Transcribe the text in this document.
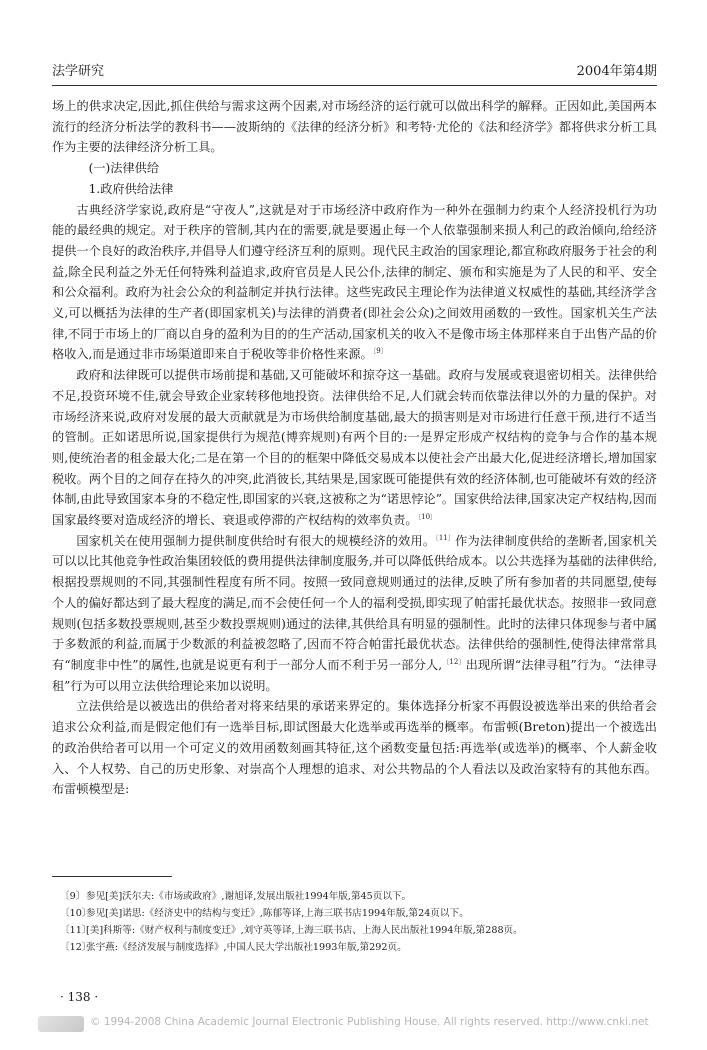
法学研究	2004年第4期

场上的供求决定,因此,抓住供给与需求这两个因素,对市场经济的运行就可以做出科学的解释。正因如此,美国两本流行的经济分析法学的教科书——波斯纳的《法律的经济分析》和考特·尤伦的《法和经济学》都将供求分析工具作为主要的法律经济分析工具。

(一)法律供给

1.政府供给法律

古典经济学家说,政府是“守夜人”,这就是对于市场经济中政府作为一种外在强制力约束个人经济投机行为功能的最经典的规定。对于秩序的管制,其内在的需要,就是要遏止每一个人依靠强制来损人利己的政治倾向,给经济提供一个良好的政治秩序,并倡导人们遵守经济互利的原则。现代民主政治的国家理论,都宣称政府服务于社会的利益,除全民利益之外无任何特殊利益追求,政府官员是人民公仆,法律的制定、颁布和实施是为了人民的和平、安全和公众福利。政府为社会公众的利益制定并执行法律。这些宪政民主理论作为法律道义权威性的基础,其经济学含义,可以概括为法律的生产者(即国家机关)与法律的消费者(即社会公众)之间效用函数的一致性。国家机关生产法律,不同于市场上的厂商以自身的盈利为目的的生产活动,国家机关的收入不是像市场主体那样来自于出售产品的价格收入,而是通过非市场渠道即来自于税收等非价格性来源。$^{〔9〕}$

政府和法律既可以提供市场前提和基础,又可能破坏和掠夺这一基础。政府与发展或衰退密切相关。法律供给不足,投资环境不佳,就会导致企业家转移他地投资。法律供给不足,人们就会转而依靠法律以外的力量的保护。对市场经济来说,政府对发展的最大贡献就是为市场供给制度基础,最大的损害则是对市场进行任意干预,进行不适当的管制。正如诺思所说,国家提供行为规范(博弈规则)有两个目的:一是界定形成产权结构的竞争与合作的基本规则,使统治者的租金最大化;二是在第一个目的的框架中降低交易成本以使社会产出最大化,促进经济增长,增加国家税收。两个目的之间存在持久的冲突,此消彼长,其结果是,国家既可能提供有效的经济体制,也可能破坏有效的经济体制,由此导致国家本身的不稳定性,即国家的兴衰,这被称之为“诺思悖论”。国家供给法律,国家决定产权结构,因而国家最终要对造成经济的增长、衰退或停滞的产权结构的效率负责。$^{〔10〕}$

国家机关在使用强制力提供制度供给时有很大的规模经济的效用。$^{〔11〕}$作为法律制度供给的垄断者,国家机关可以以比其他竞争性政治集团较低的费用提供法律制度服务,并可以降低供给成本。以公共选择为基础的法律供给,根据投票规则的不同,其强制性程度有所不同。按照一致同意规则通过的法律,反映了所有参加者的共同愿望,使每个人的偏好都达到了最大程度的满足,而不会使任何一个人的福利受损,即实现了帕雷托最优状态。按照非一致同意规则(包括多数投票规则,甚至少数投票规则)通过的法律,其供给具有明显的强制性。此时的法律只体现参与者中属于多数派的利益,而属于少数派的利益被忽略了,因而不符合帕雷托最优状态。法律供给的强制性,使得法律常常具有“制度非中性”的属性,也就是说更有利于一部分人而不利于另一部分人,$^{〔12〕}$出现所谓“法律寻租”行为。“法律寻租”行为可以用立法供给理论来加以说明。

立法供给是以被选出的供给者对将来结果的承诺来界定的。集体选择分析家不再假设被选举出来的供给者会追求公众利益,而是假定他们有一选举目标,即试图最大化选举或再选举的概率。布雷顿(Breton)提出一个被选出的政治供给者可以用一个可定义的效用函数刻画其特征,这个函数变量包括:再选举(或选举)的概率、个人薪金收入、个人权势、自己的历史形象、对崇高个人理想的追求、对公共物品的个人看法以及政治家特有的其他东西。布雷顿模型是:

〔9〕参见[美]沃尔夫:《市场或政府》,谢旭译,发展出版社1994年版,第45页以下。
〔10〕参见[美]诺思:《经济史中的结构与变迁》,陈郁等译,上海三联书店1994年版,第24页以下。
〔11〕[美]科斯等:《财产权利与制度变迁》,刘守英等译,上海三联书店、上海人民出版社1994年版,第288页。
〔12〕张宇燕:《经济发展与制度选择》,中国人民大学出版社1993年版,第292页。
· 138 ·
© 1994-2008 China Academic Journal Electronic Publishing House. All rights reserved. http://www.cnki.net
